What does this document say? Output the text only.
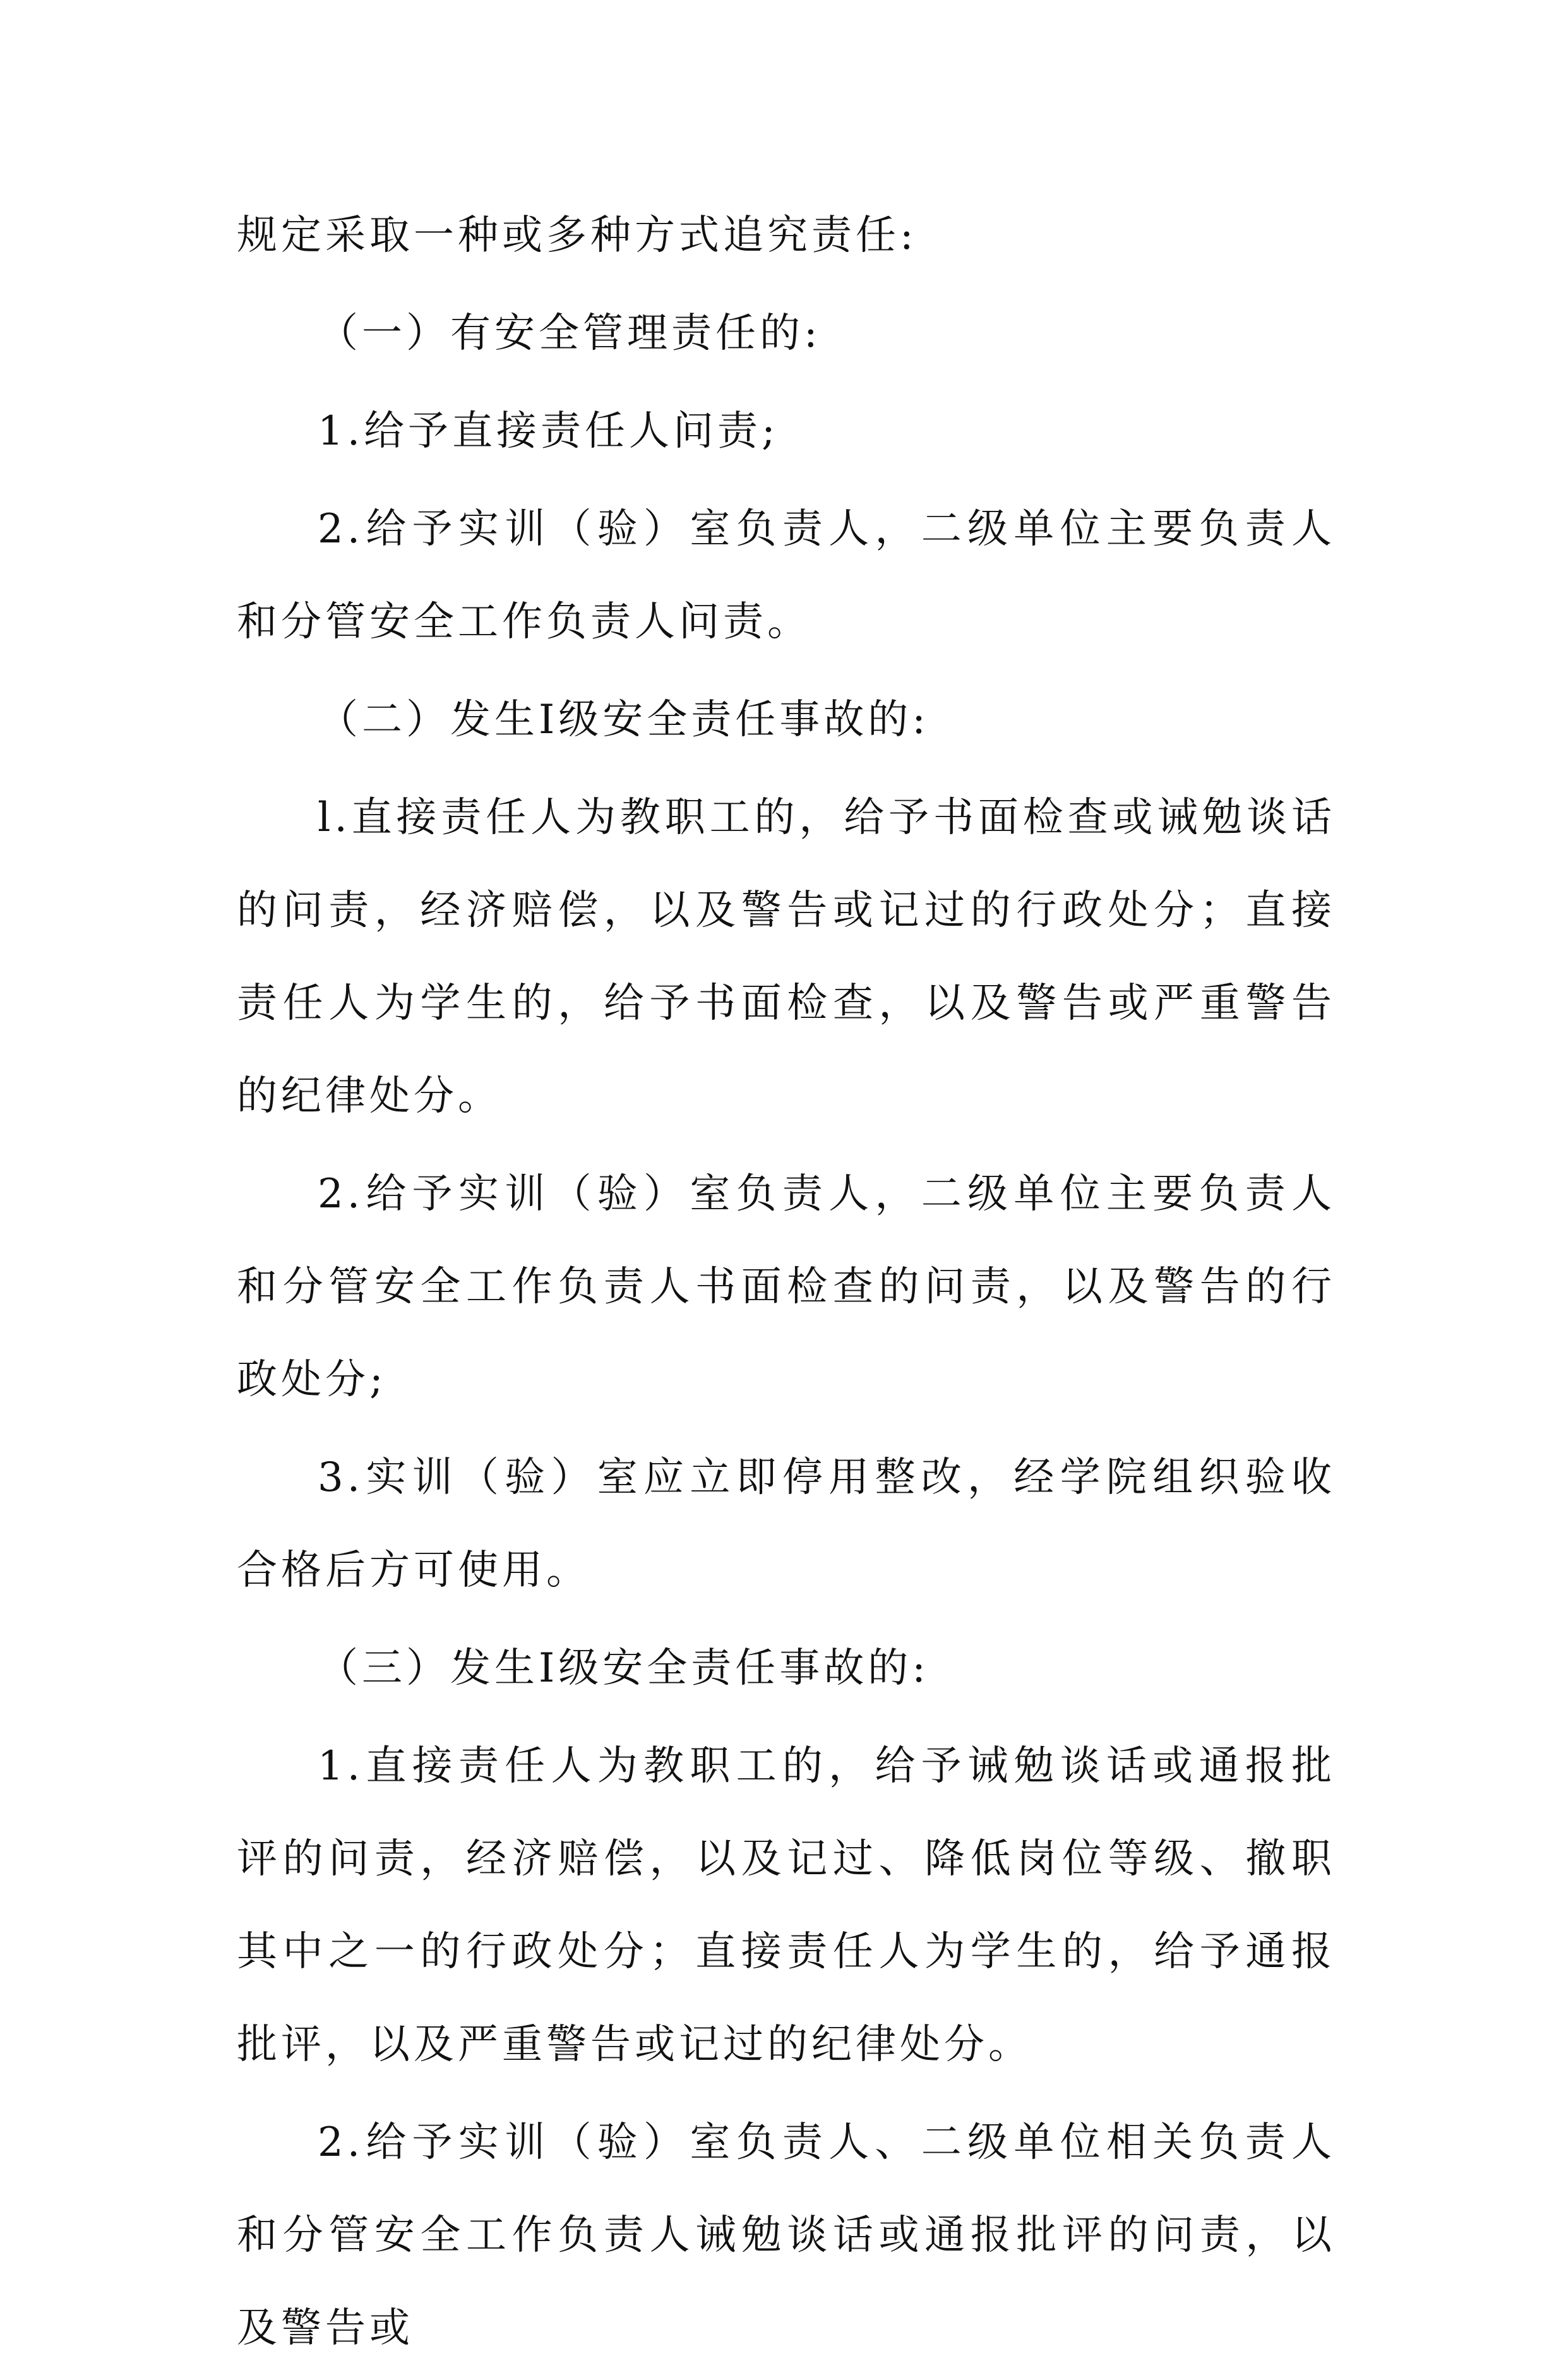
规定采取一种或多种方式追究责任:

（一）有安全管理责任的:

1.给予直接责任人问责;

2.给予实训（验）室负责人，二级单位主要负责人和分管安全工作负责人问责。

（二）发生I级安全责任事故的:

l.直接责任人为教职工的，给予书面检查或诫勉谈话的问责，经济赔偿，以及警告或记过的行政处分；直接责任人为学生的，给予书面检查，以及警告或严重警告的纪律处分。

2.给予实训（验）室负责人，二级单位主要负责人和分管安全工作负责人书面检查的问责，以及警告的行政处分;

3.实训（验）室应立即停用整改，经学院组织验收合格后方可使用。

（三）发生I级安全责任事故的:

1.直接责任人为教职工的，给予诫勉谈话或通报批评的问责，经济赔偿，以及记过、降低岗位等级、撤职其中之一的行政处分；直接责任人为学生的，给予通报批评，以及严重警告或记过的纪律处分。

2.给予实训（验）室负责人、二级单位相关负责人和分管安全工作负责人诫勉谈话或通报批评的问责，以及警告或
